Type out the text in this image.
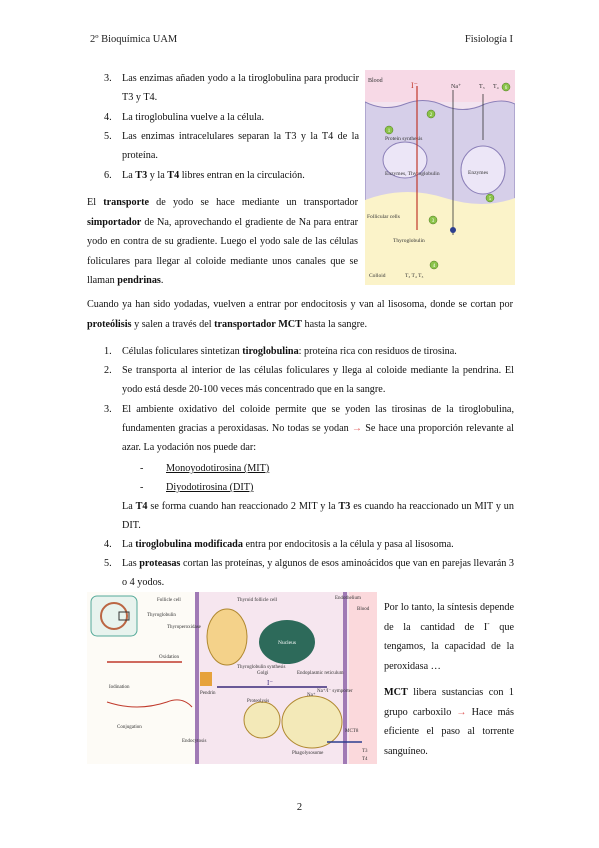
2º Bioquímica UAM	Fisiología I
3. Las enzimas añaden yodo a la tiroglobulina para producir T3 y T4.
4. La tiroglobulina vuelve a la célula.
5. Las enzimas intracelulares separan la T3 y la T4 de la proteína.
6. La T3 y la T4 libres entran en la circulación.
El transporte de yodo se hace mediante un transportador simportador de Na, aprovechando el gradiente de Na para entrar yodo en contra de su gradiente. Luego el yodo sale de las células foliculares para llegar al coloide mediante unos canales que se llaman pendrinas.
Blood	I⁻	Na⁺	T₃ T₄
Protein synthesis
Enzymes, Thyroglobulin	Enzymes
Follicular cells
Thyroglobulin
Colloid	T₃ T₄ T₃
1
2
3
4
5
6
Cuando ya han sido yodadas, vuelven a entrar por endocitosis y van al lisosoma, donde se cortan por proteólisis y salen a través del transportador MCT hasta la sangre.
1. Células foliculares sintetizan tiroglobulina: proteína rica con residuos de tirosina.
2. Se transporta al interior de las células foliculares y llega al coloide mediante la pendrina. El yodo está desde 20-100 veces más concentrado que en la sangre.
3. El ambiente oxidativo del coloide permite que se yoden las tirosinas de la tiroglobulina, fundamenten gracias a peroxidasas. No todas se yodan → Se hace una proporción relevante al azar. La yodación nos puede dar:
- Monoyodotirosina (MIT)
- Diyodotirosina (DIT)
La T4 se forma cuando han reaccionado 2 MIT y la T3 es cuando ha reaccionado un MIT y un DIT.
4. La tiroglobulina modificada entra por endocitosis a la célula y pasa al lisosoma.
5. Las proteasas cortan las proteínas, y algunos de esos aminoácidos que van en parejas llevarán 3 o 4 yodos.
Nucleus
Follicle cell	Thyroid follicle cell	Endothelium
Blood
Thyroglobulin
Thyroperoxidase
Endoplasmic reticulum
Oxidation
Iodination
Conjugation
Endocytosis
Proteolysis
Pendrin	Na⁺/I⁻ symporter
Na⁺
Golgi
Thyroglobulin synthesis
Phagolysosome
MCT8
T3
T4
I⁻
Por lo tanto, la síntesis depende de la cantidad de I- que tengamos, la capacidad de la peroxidasa …
MCT libera sustancias con 1 grupo carboxilo → Hace más eficiente el paso al torrente sanguíneo.
2
